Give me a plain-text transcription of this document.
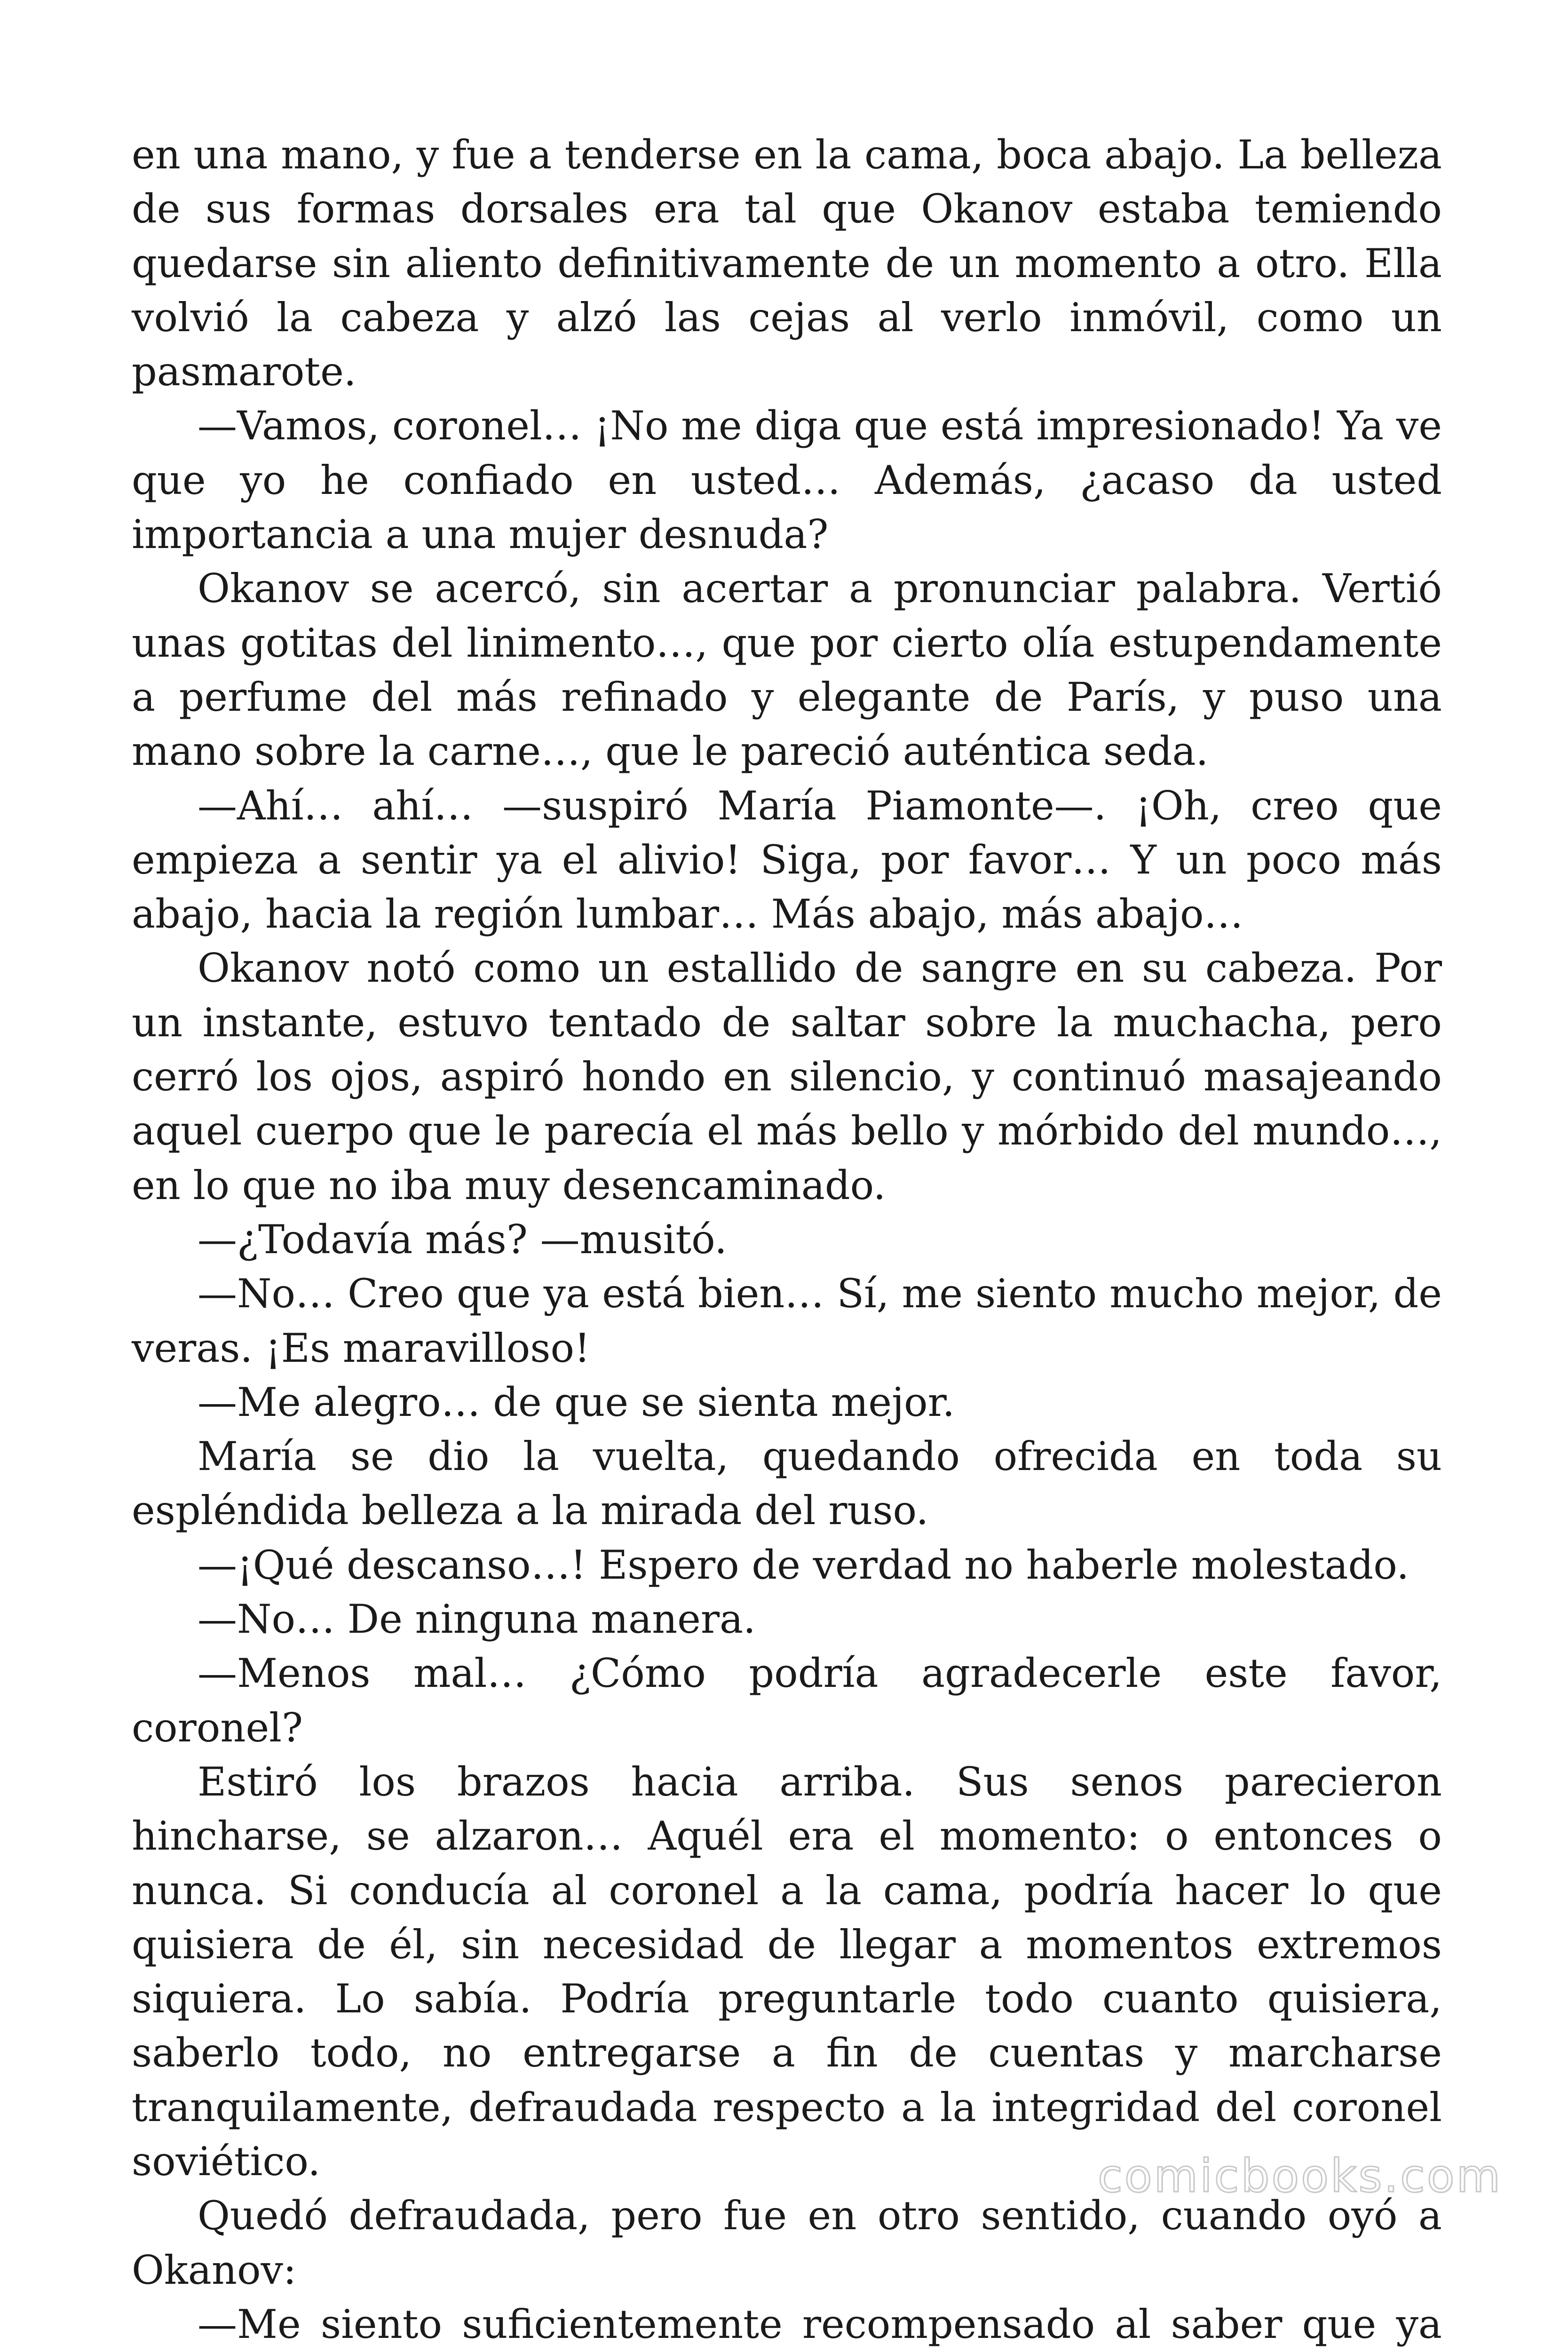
en una mano, y fue a tenderse en la cama, boca abajo. La belleza de sus formas dorsales era tal que Okanov estaba temiendo quedarse sin aliento definitivamente de un momento a otro. Ella volvió la cabeza y alzó las cejas al verlo inmóvil, como un pasmarote.

—Vamos, coronel… ¡No me diga que está impresionado! Ya ve que yo he confiado en usted… Además, ¿acaso da usted importancia a una mujer desnuda?

Okanov se acercó, sin acertar a pronunciar palabra. Vertió unas gotitas del linimento…, que por cierto olía estupendamente a perfume del más refinado y elegante de París, y puso una mano sobre la carne…, que le pareció auténtica seda.

—Ahí… ahí… —suspiró María Piamonte—. ¡Oh, creo que empieza a sentir ya el alivio! Siga, por favor… Y un poco más abajo, hacia la región lumbar… Más abajo, más abajo…

Okanov notó como un estallido de sangre en su cabeza. Por un instante, estuvo tentado de saltar sobre la muchacha, pero cerró los ojos, aspiró hondo en silencio, y continuó masajeando aquel cuerpo que le parecía el más bello y mórbido del mundo…, en lo que no iba muy desencaminado.

—¿Todavía más? —musitó.

—No… Creo que ya está bien… Sí, me siento mucho mejor, de veras. ¡Es maravilloso!

—Me alegro… de que se sienta mejor.

María se dio la vuelta, quedando ofrecida en toda su espléndida belleza a la mirada del ruso.

—¡Qué descanso…! Espero de verdad no haberle molestado.

—No… De ninguna manera.

—Menos mal… ¿Cómo podría agradecerle este favor, coronel?

Estiró los brazos hacia arriba. Sus senos parecieron hincharse, se alzaron… Aquél era el momento: o entonces o nunca. Si conducía al coronel a la cama, podría hacer lo que quisiera de él, sin necesidad de llegar a momentos extremos siquiera. Lo sabía. Podría preguntarle todo cuanto quisiera, saberlo todo, no entregarse a fin de cuentas y marcharse tranquilamente, defraudada respecto a la integridad del coronel soviético.

Quedó defraudada, pero fue en otro sentido, cuando oyó a Okanov:

—Me siento suficientemente recompensado al saber que ya

comicbooks.com
